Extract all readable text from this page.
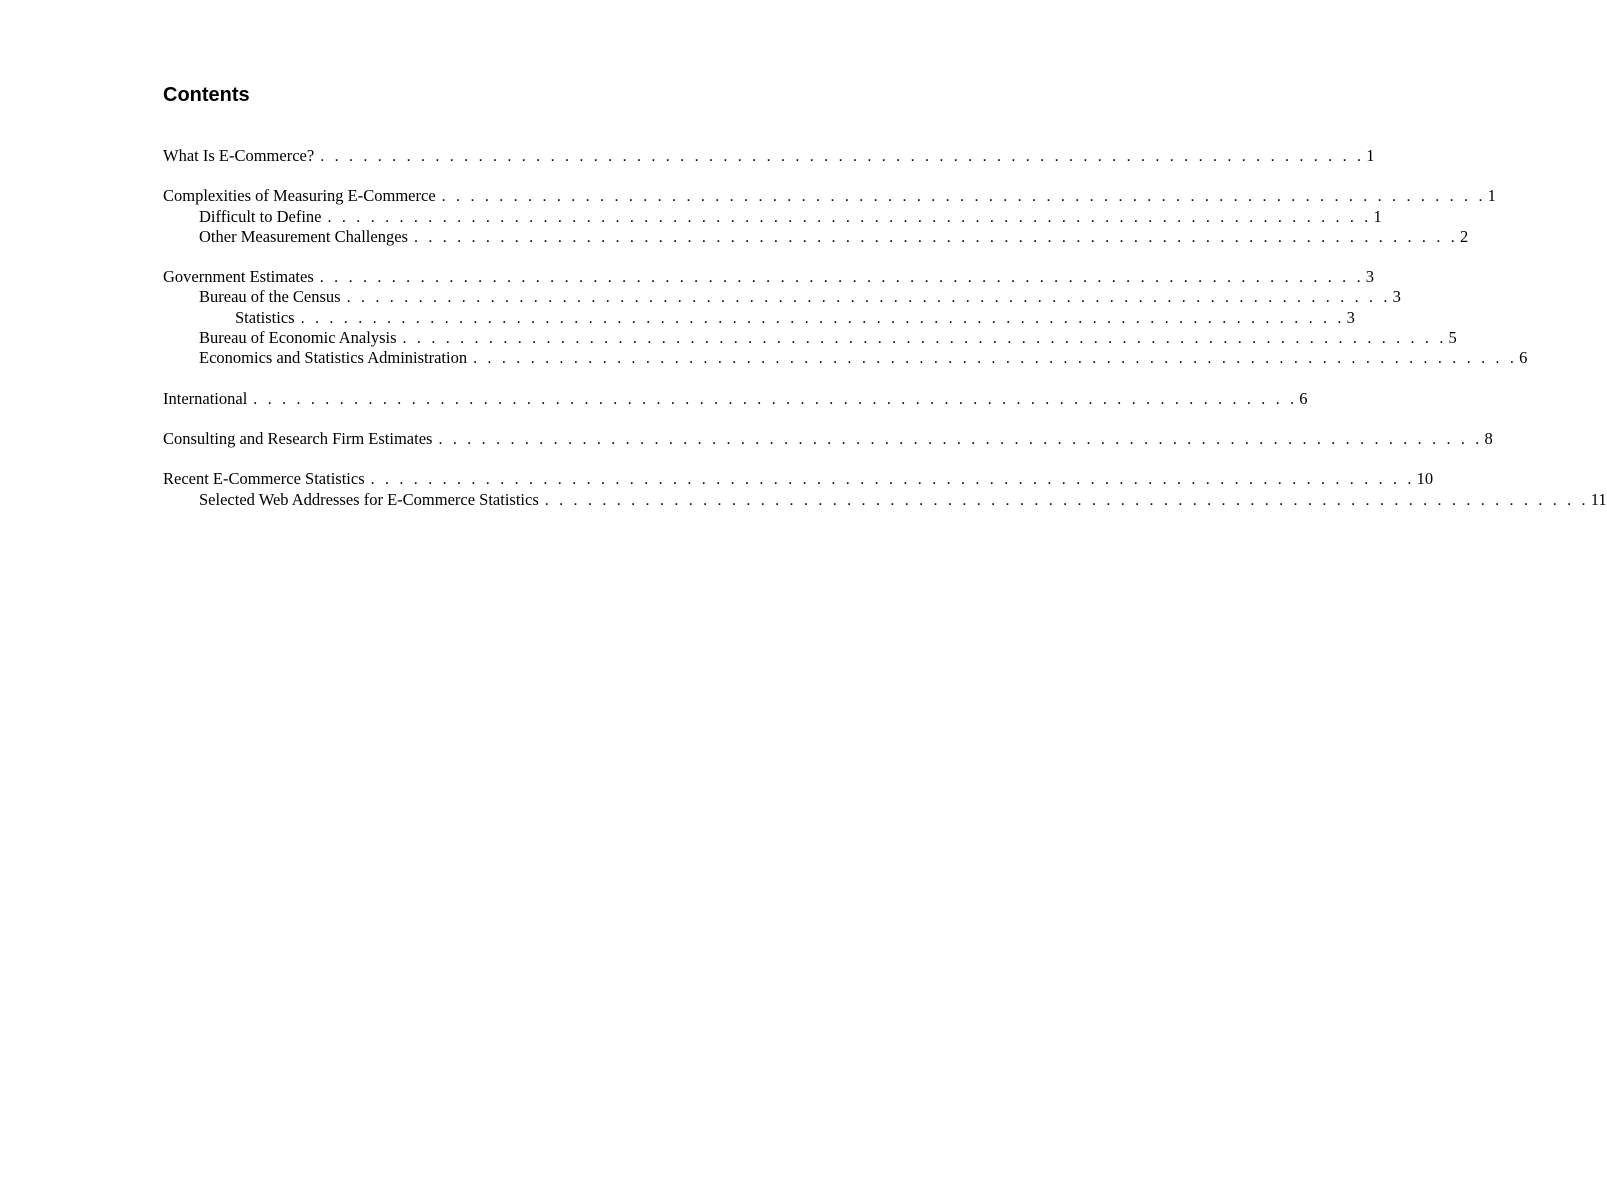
Contents
What Is E-Commerce? . . . . . . . . . . . . . . . . . . . . . . . . . . . . . . . . . . . . . . . . . . . . . . . . . . . . . . . . . . . . . . . . . . . . . . . . . 1
Complexities of Measuring E-Commerce . . . . . . . . . . . . . . . . . . . . . . . . . . . . . . . . . . . . . . . . . . . . . . . . . . . . . . . . . . . . . . . . . . . . . . . . . 1
Difficult to Define . . . . . . . . . . . . . . . . . . . . . . . . . . . . . . . . . . . . . . . . . . . . . . . . . . . . . . . . . . . . . . . . . . . . . . . . . 1
Other Measurement Challenges . . . . . . . . . . . . . . . . . . . . . . . . . . . . . . . . . . . . . . . . . . . . . . . . . . . . . . . . . . . . . . . . . . . . . . . . . 2
Government Estimates . . . . . . . . . . . . . . . . . . . . . . . . . . . . . . . . . . . . . . . . . . . . . . . . . . . . . . . . . . . . . . . . . . . . . . . . . 3
Bureau of the Census . . . . . . . . . . . . . . . . . . . . . . . . . . . . . . . . . . . . . . . . . . . . . . . . . . . . . . . . . . . . . . . . . . . . . . . . . 3
Statistics . . . . . . . . . . . . . . . . . . . . . . . . . . . . . . . . . . . . . . . . . . . . . . . . . . . . . . . . . . . . . . . . . . . . . . . . . 3
Bureau of Economic Analysis . . . . . . . . . . . . . . . . . . . . . . . . . . . . . . . . . . . . . . . . . . . . . . . . . . . . . . . . . . . . . . . . . . . . . . . . . 5
Economics and Statistics Administration . . . . . . . . . . . . . . . . . . . . . . . . . . . . . . . . . . . . . . . . . . . . . . . . . . . . . . . . . . . . . . . . . . . . . . . . . 6
International . . . . . . . . . . . . . . . . . . . . . . . . . . . . . . . . . . . . . . . . . . . . . . . . . . . . . . . . . . . . . . . . . . . . . . . . . 6
Consulting and Research Firm Estimates . . . . . . . . . . . . . . . . . . . . . . . . . . . . . . . . . . . . . . . . . . . . . . . . . . . . . . . . . . . . . . . . . . . . . . . . . 8
Recent E-Commerce Statistics . . . . . . . . . . . . . . . . . . . . . . . . . . . . . . . . . . . . . . . . . . . . . . . . . . . . . . . . . . . . . . . . . . . . . . . . . 10
Selected Web Addresses for E-Commerce Statistics . . . . . . . . . . . . . . . . . . . . . . . . . . . . . . . . . . . . . . . . . . . . . . . . . . . . . . . . . . . . . . . . . . . . . . . . . 11
